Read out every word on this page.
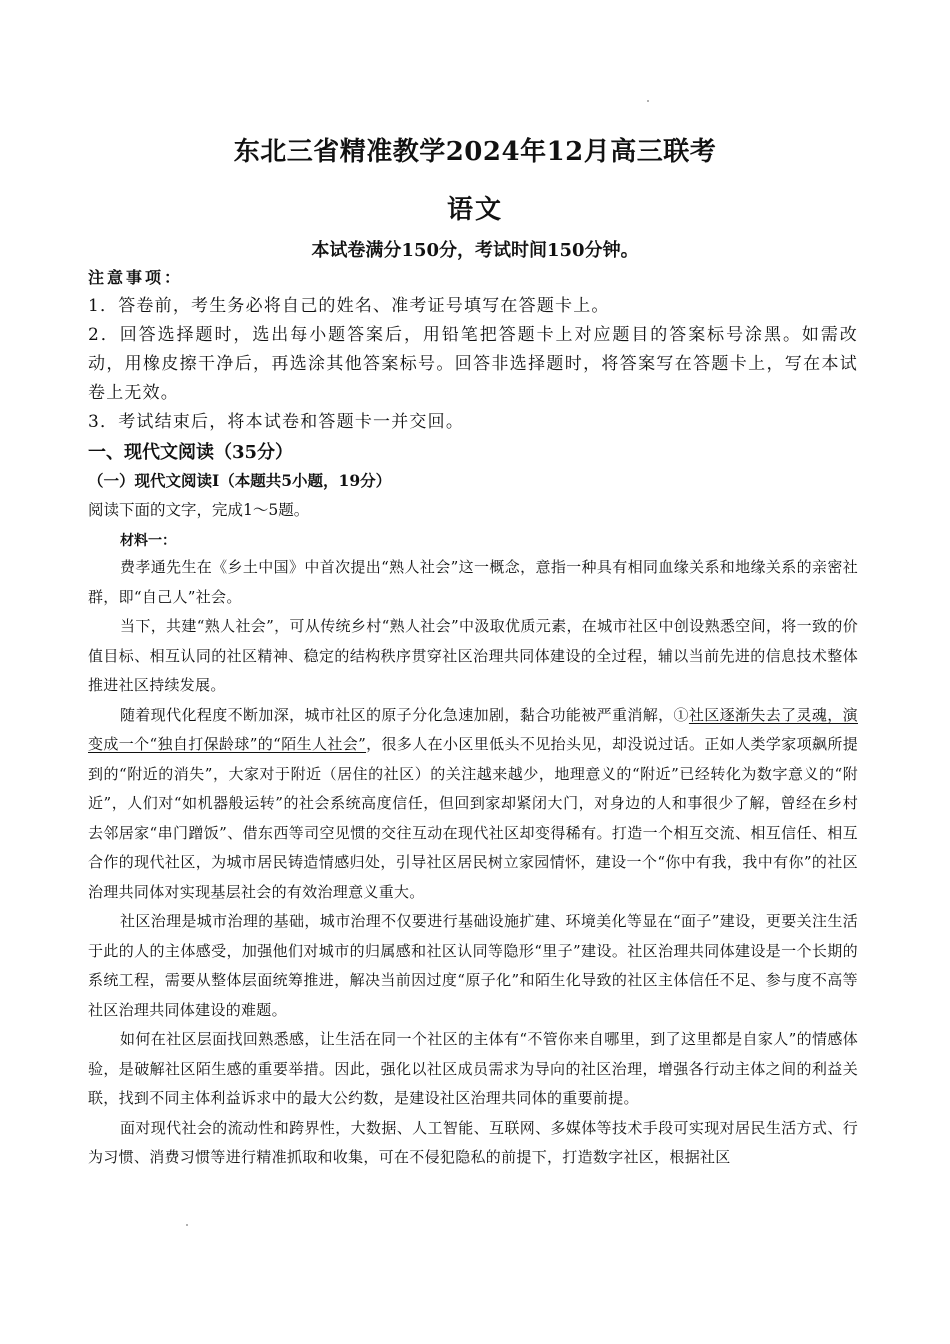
东北三省精准教学2024年12月高三联考
语文
本试卷满分150分，考试时间150分钟。
注意事项：
1．答卷前，考生务必将自己的姓名、准考证号填写在答题卡上。
2．回答选择题时，选出每小题答案后，用铅笔把答题卡上对应题目的答案标号涂黑。如需改动，用橡皮擦干净后，再选涂其他答案标号。回答非选择题时，将答案写在答题卡上，写在本试卷上无效。
3．考试结束后，将本试卷和答题卡一并交回。
一、现代文阅读（35分）
（一）现代文阅读Ⅰ（本题共5小题，19分）
阅读下面的文字，完成1～5题。
材料一：

费孝通先生在《乡土中国》中首次提出“熟人社会”这一概念，意指一种具有相同血缘关系和地缘关系的亲密社群，即“自己人”社会。

当下，共建“熟人社会”，可从传统乡村“熟人社会”中汲取优质元素，在城市社区中创设熟悉空间，将一致的价值目标、相互认同的社区精神、稳定的结构秩序贯穿社区治理共同体建设的全过程，辅以当前先进的信息技术整体推进社区持续发展。

随着现代化程度不断加深，城市社区的原子分化急速加剧，黏合功能被严重消解，①社区逐渐失去了灵魂，演变成一个“独自打保龄球”的“陌生人社会”，很多人在小区里低头不见抬头见，却没说过话。正如人类学家项飙所提到的“附近的消失”，大家对于附近（居住的社区）的关注越来越少，地理意义的“附近”已经转化为数字意义的“附近”，人们对“如机器般运转”的社会系统高度信任，但回到家却紧闭大门，对身边的人和事很少了解，曾经在乡村去邻居家“串门蹭饭”、借东西等司空见惯的交往互动在现代社区却变得稀有。打造一个相互交流、相互信任、相互合作的现代社区，为城市居民铸造情感归处，引导社区居民树立家园情怀，建设一个“你中有我，我中有你”的社区治理共同体对实现基层社会的有效治理意义重大。

社区治理是城市治理的基础，城市治理不仅要进行基础设施扩建、环境美化等显在“面子”建设，更要关注生活于此的人的主体感受，加强他们对城市的归属感和社区认同等隐形“里子”建设。社区治理共同体建设是一个长期的系统工程，需要从整体层面统筹推进，解决当前因过度“原子化”和陌生化导致的社区主体信任不足、参与度不高等社区治理共同体建设的难题。

如何在社区层面找回熟悉感，让生活在同一个社区的主体有“不管你来自哪里，到了这里都是自家人”的情感体验，是破解社区陌生感的重要举措。因此，强化以社区成员需求为导向的社区治理，增强各行动主体之间的利益关联，找到不同主体利益诉求中的最大公约数，是建设社区治理共同体的重要前提。

面对现代社会的流动性和跨界性，大数据、人工智能、互联网、多媒体等技术手段可实现对居民生活方式、行为习惯、消费习惯等进行精准抓取和收集，可在不侵犯隐私的前提下，打造数字社区，根据社区
